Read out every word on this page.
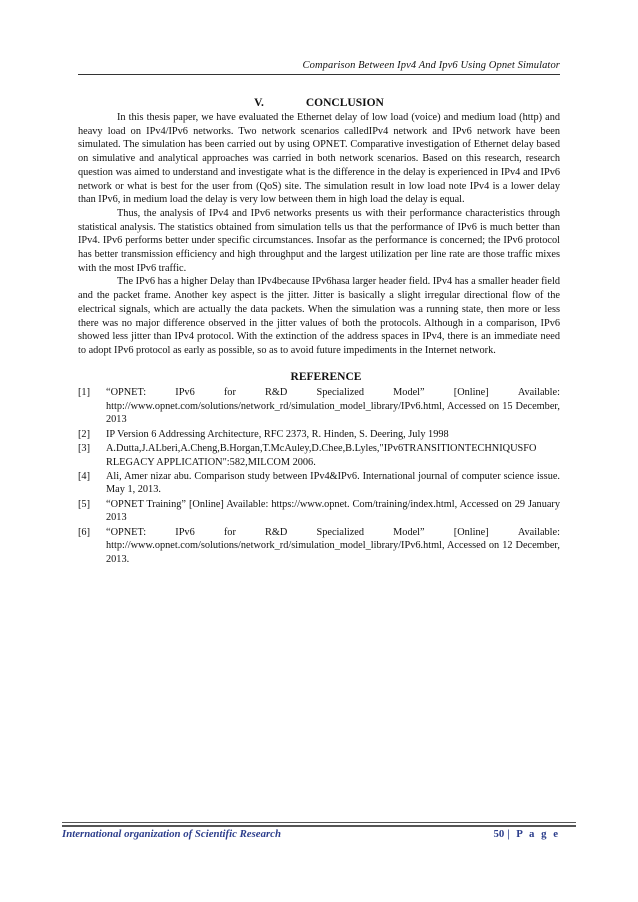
Comparison Between Ipv4 And Ipv6 Using Opnet Simulator
V.	CONCLUSION

In this thesis paper, we have evaluated the Ethernet delay of low load (voice) and medium load (http) and heavy load on IPv4/IPv6 networks. Two network scenarios calledIPv4 network and IPv6 network have been simulated. The simulation has been carried out by using OPNET. Comparative investigation of Ethernet delay based on simulative and analytical approaches was carried in both network scenarios. Based on this research, research question was aimed to understand and investigate what is the difference in the delay is experienced in IPv4 and IPv6 network or what is best for the user from (QoS) site. The simulation result in low load note IPv4 is a lower delay than IPv6, in medium load the delay is very low between them in high load the delay is equal.

Thus, the analysis of IPv4 and IPv6 networks presents us with their performance characteristics through statistical analysis. The statistics obtained from simulation tells us that the performance of IPv6 is much better than IPv4. IPv6 performs better under specific circumstances. Insofar as the performance is concerned; the IPv6 protocol has better transmission efficiency and high throughput and the largest utilization per line rate are those traffic mixes with the most IPv6 traffic.

The IPv6 has a higher Delay than IPv4because IPv6hasa larger header field. IPv4 has a smaller header field and the packet frame. Another key aspect is the jitter. Jitter is basically a slight irregular directional flow of the electrical signals, which are actually the data packets. When the simulation was a running state, then more or less there was no major difference observed in the jitter values of both the protocols. Although in a comparison, IPv6 showed less jitter than IPv4 protocol. With the extinction of the address spaces in IPv4, there is an immediate need to adopt IPv6 protocol as early as possible, so as to avoid future impediments in the Internet network.

REFERENCE
[1]	“OPNET:	IPv6	for	R&D	Specialized	Model”	[Online]	Available:
http://www.opnet.com/solutions/network_rd/simulation_model_library/IPv6.html, Accessed on 15 December, 2013
[2]	IP Version 6 Addressing Architecture, RFC 2373, R. Hinden, S. Deering, July 1998
[3]	A.Dutta,J.ALberi,A.Cheng,B.Horgan,T.McAuley,D.Chee,B.Lyles,"IPv6TRANSITIONTECHNIQUSFO RLEGACY APPLICATION":582,MILCOM 2006.
[4]	Ali, Amer nizar abu. Comparison study between IPv4&IPv6. International journal of computer science issue. May 1, 2013.
[5]	“OPNET Training” [Online] Available: https://www.opnet. Com/training/index.html, Accessed on 29 January 2013
[6]	“OPNET:	IPv6	for	R&D	Specialized	Model”	[Online]	Available:
http://www.opnet.com/solutions/network_rd/simulation_model_library/IPv6.html, Accessed on 12 December, 2013.
International organization of Scientific Research	50 | P a g e
